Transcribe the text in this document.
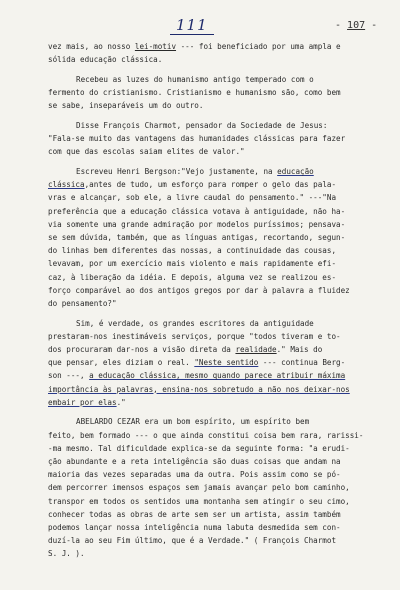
111	- 107 -
vez mais, ao nosso lei-motiv --- foi beneficiado por uma ampla e
sólida educação clássica.
Recebeu as luzes do humanismo antigo temperado com o
fermento do cristianismo. Cristianismo e humanismo são, como bem
se sabe, inseparáveis um do outro.
Disse François Charmot, pensador da Sociedade de Jesus:
"Fala-se muito das vantagens das humanidades clássicas para fazer
com que das escolas saiam elites de valor."
Escreveu Henri Bergson:"Vejo justamente, na educação
clássica,antes de tudo, um esforço para romper o gelo das pala-
vras e alcançar, sob ele, a livre caudal do pensamento." ---"Na
preferência que a educação clássica votava à antiguidade, não ha-
via somente uma grande admiração por modelos puríssimos; pensava-
se sem dúvida, também, que as línguas antigas, recortando, segun-
do linhas bem diferentes das nossas, a continuidade das cousas,
levavam, por um exercício mais violento e mais rapidamente efi-
caz, à liberação da idéia. E depois, alguma vez se realizou es-
forço comparável ao dos antigos gregos por dar à palavra a fluidez
do pensamento?"
Sim, é verdade, os grandes escritores da antiguidade
prestaram-nos inestimáveis serviços, porque "todos tiveram e to-
dos procuraram dar-nos a visão direta da realidade." Mais do
que pensar, eles diziam o real. "Neste sentido --- continua Berg-
son ---, a educação clássica, mesmo quando parece atribuir máxima
importância às palavras, ensina-nos sobretudo a não nos deixar-nos
embair por elas."
ABELARDO CEZAR era um bom espírito, um espírito bem
feito, bem formado --- o que ainda constitui coisa bem rara, rarissi-
-ma mesmo. Tal dificuldade explica-se da seguinte forma: "a erudi-
ção abundante e a reta inteligência são duas coisas que andam na
maioria das vezes separadas uma da outra. Pois assim como se pó-
dem percorrer imensos espaços sem jamais avançar pelo bom caminho,
transpor em todos os sentidos uma montanha sem atingir o seu cimo,
conhecer todas as obras de arte sem ser um artista, assim também
podemos lançar nossa inteligência numa labuta desmedida sem con-
duzí-la ao seu Fim último, que é a Verdade." ( François Charmot
S. J. ).
